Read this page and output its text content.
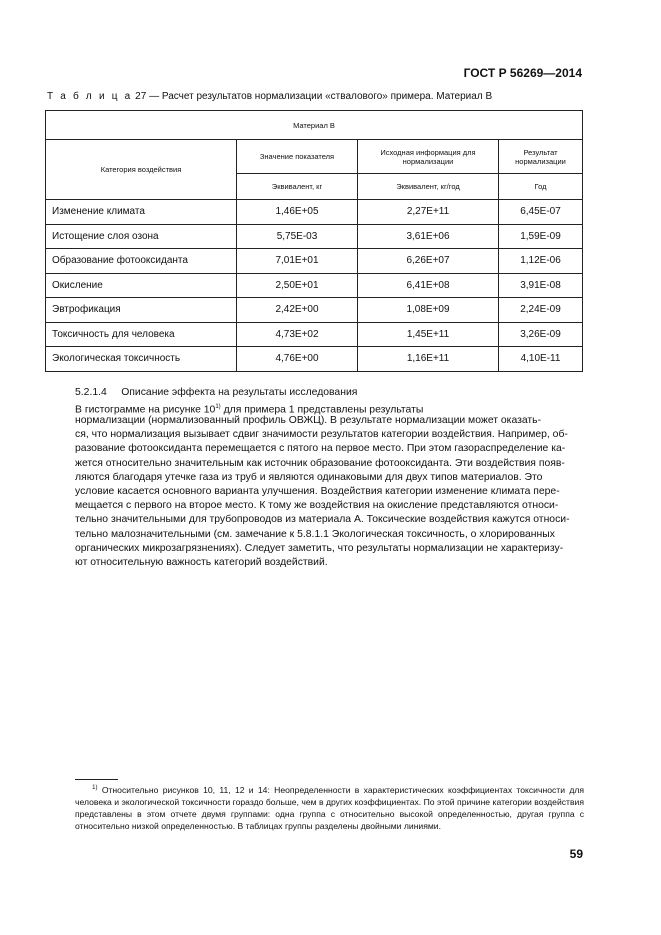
ГОСТ Р 56269—2014
Т а б л и ц а 27 — Расчет результатов нормализации «ствалового» примера. Материал В
Материал В			
Категория воздействия	Значение показателя	Исходная информация для нормализации	Результат нормализации
	Эквивалент, кг	Эквивалент, кг/год	Год
Изменение климата	1,46E+05	2,27E+11	6,45E-07
Истощение слоя озона	5,75E-03	3,61E+06	1,59E-09
Образование фотооксиданта	7,01E+01	6,26E+07	1,12E-06
Окисление	2,50E+01	6,41E+08	3,91E-08
Эвтрофикация	2,42E+00	1,08E+09	2,24E-09
Токсичность для человека	4,73E+02	1,45E+11	3,26E-09
Экологическая токсичность	4,76E+00	1,16E+11	4,10E-11
5.2.1.4 Описание эффекта на результаты исследования
В гистограмме на рисунке 10$^{1)}$ для примера 1 представлены результаты
нормализации (нормализованный профиль ОВЖЦ). В результате нормализации может оказать-
ся, что нормализация вызывает сдвиг значимости результатов категории воздействия. Например, об-
разование фотооксиданта перемещается с пятого на первое место. При этом газораспределение ка-
жется относительно значительным как источник образование фотооксиданта. Эти воздействия появ-
ляются благодаря утечке газа из труб и являются одинаковыми для двух типов материалов. Это
условие касается основного варианта улучшения. Воздействия категории изменение климата пере-
мещается с первого на второе место. К тому же воздействия на окисление представляются относи-
тельно значительными для трубопроводов из материала А. Токсические воздействия кажутся относи-
тельно малозначительными (см. замечание к 5.8.1.1 Экологическая токсичность, о хлорированных
органических микрозагрязнениях). Следует заметить, что результаты нормализации не характеризу-
ют относительную важность категорий воздействий.
$^{1)}$ Относительно рисунков 10, 11, 12 и 14: Неопределенности в характеристических коэффициентах токсичности для человека и экологической токсичности гораздо больше, чем в других коэффициентах. По этой причине категории воздействия представлены в этом отчете двумя группами: одна группа с относительно высокой определенностью, другая группа с относительно низкой определенностью. В таблицах группы разделены двойными линиями.
59
